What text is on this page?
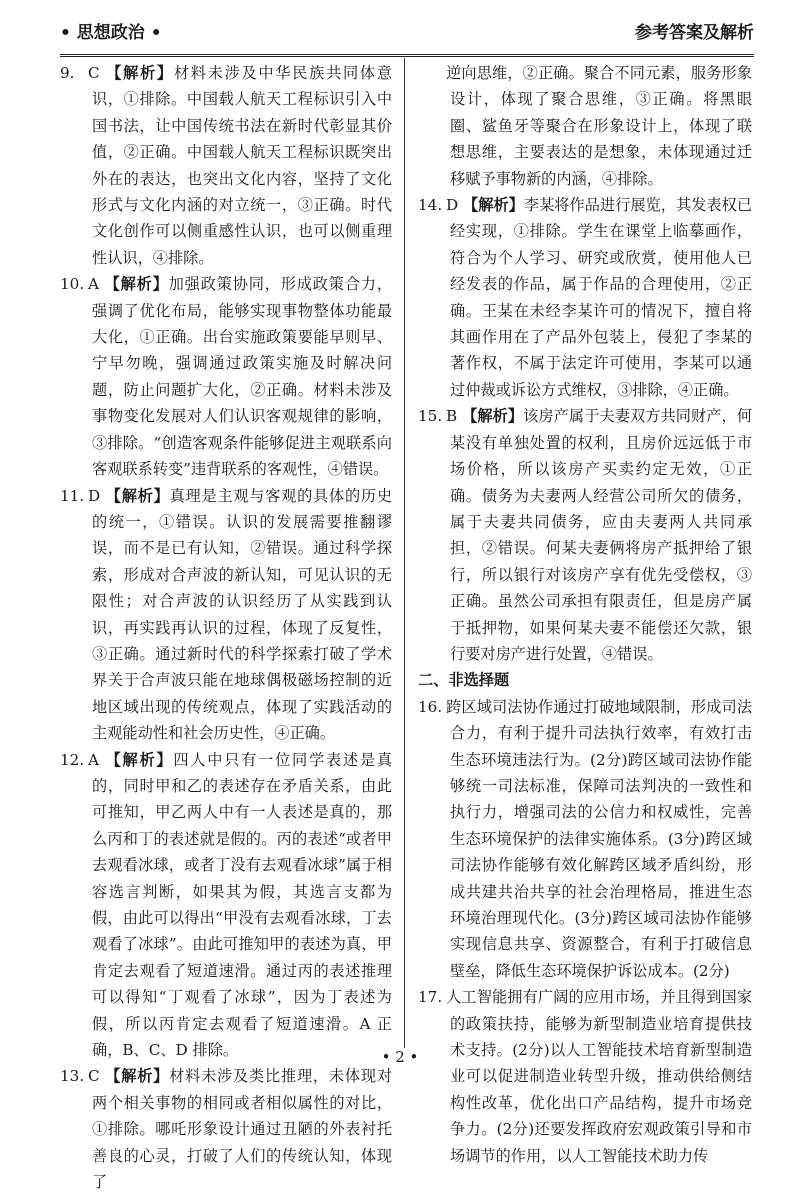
• 思想政治 •	参考答案及解析

9. C 【解析】材料未涉及中华民族共同体意识，①排除。中国载人航天工程标识引入中国书法，让中国传统书法在新时代彰显其价值，②正确。中国载人航天工程标识既突出外在的表达，也突出文化内容，坚持了文化形式与文化内涵的对立统一，③正确。时代文化创作可以侧重感性认识，也可以侧重理性认识，④排除。

10. A 【解析】加强政策协同，形成政策合力，强调了优化布局，能够实现事物整体功能最大化，①正确。出台实施政策要能早则早、宁早勿晚，强调通过政策实施及时解决问题，防止问题扩大化，②正确。材料未涉及事物变化发展对人们认识客观规律的影响，③排除。“创造客观条件能够促进主观联系向客观联系转变”违背联系的客观性，④错误。

11. D 【解析】真理是主观与客观的具体的历史的统一，①错误。认识的发展需要推翻谬误，而不是已有认知，②错误。通过科学探索，形成对合声波的新认知，可见认识的无限性；对合声波的认识经历了从实践到认识，再实践再认识的过程，体现了反复性，③正确。通过新时代的科学探索打破了学术界关于合声波只能在地球偶极磁场控制的近地区域出现的传统观点，体现了实践活动的主观能动性和社会历史性，④正确。

12. A 【解析】四人中只有一位同学表述是真的，同时甲和乙的表述存在矛盾关系，由此可推知，甲乙两人中有一人表述是真的，那么丙和丁的表述就是假的。丙的表述“或者甲去观看冰球，或者丁没有去观看冰球”属于相容选言判断，如果其为假，其选言支都为假，由此可以得出“甲没有去观看冰球，丁去观看了冰球”。由此可推知甲的表述为真，甲肯定去观看了短道速滑。通过丙的表述推理可以得知“丁观看了冰球”，因为丁表述为假，所以丙肯定去观看了短道速滑。A 正确，B、C、D 排除。

13. C 【解析】材料未涉及类比推理，未体现对两个相关事物的相同或者相似属性的对比，①排除。哪吒形象设计通过丑陋的外表衬托善良的心灵，打破了人们的传统认知，体现了

逆向思维，②正确。聚合不同元素，服务形象设计，体现了聚合思维，③正确。将黑眼圈、鲨鱼牙等聚合在形象设计上，体现了联想思维，主要表达的是想象，未体现通过迁移赋予事物新的内涵，④排除。

14. D 【解析】李某将作品进行展览，其发表权已经实现，①排除。学生在课堂上临摹画作，符合为个人学习、研究或欣赏，使用他人已经发表的作品，属于作品的合理使用，②正确。王某在未经李某许可的情况下，擅自将其画作用在了产品外包装上，侵犯了李某的著作权，不属于法定许可使用，李某可以通过仲裁或诉讼方式维权，③排除，④正确。

15. B 【解析】该房产属于夫妻双方共同财产，何某没有单独处置的权利，且房价远远低于市场价格，所以该房产买卖约定无效，①正确。债务为夫妻两人经营公司所欠的债务，属于夫妻共同债务，应由夫妻两人共同承担，②错误。何某夫妻俩将房产抵押给了银行，所以银行对该房产享有优先受偿权，③正确。虽然公司承担有限责任，但是房产属于抵押物，如果何某夫妻不能偿还欠款，银行要对房产进行处置，④错误。

二、非选择题

16. 跨区域司法协作通过打破地域限制，形成司法合力，有利于提升司法执行效率，有效打击生态环境违法行为。(2分)跨区域司法协作能够统一司法标准，保障司法判决的一致性和执行力，增强司法的公信力和权威性，完善生态环境保护的法律实施体系。(3分)跨区域司法协作能够有效化解跨区域矛盾纠纷，形成共建共治共享的社会治理格局，推进生态环境治理现代化。(3分)跨区域司法协作能够实现信息共享、资源整合，有利于打破信息壁垒，降低生态环境保护诉讼成本。(2分)

17. 人工智能拥有广阔的应用市场，并且得到国家的政策扶持，能够为新型制造业培育提供技术支持。(2分)以人工智能技术培育新型制造业可以促进制造业转型升级，推动供给侧结构性改革，优化出口产品结构，提升市场竞争力。(2分)还要发挥政府宏观政策引导和市场调节的作用，以人工智能技术助力传

• 2 •
